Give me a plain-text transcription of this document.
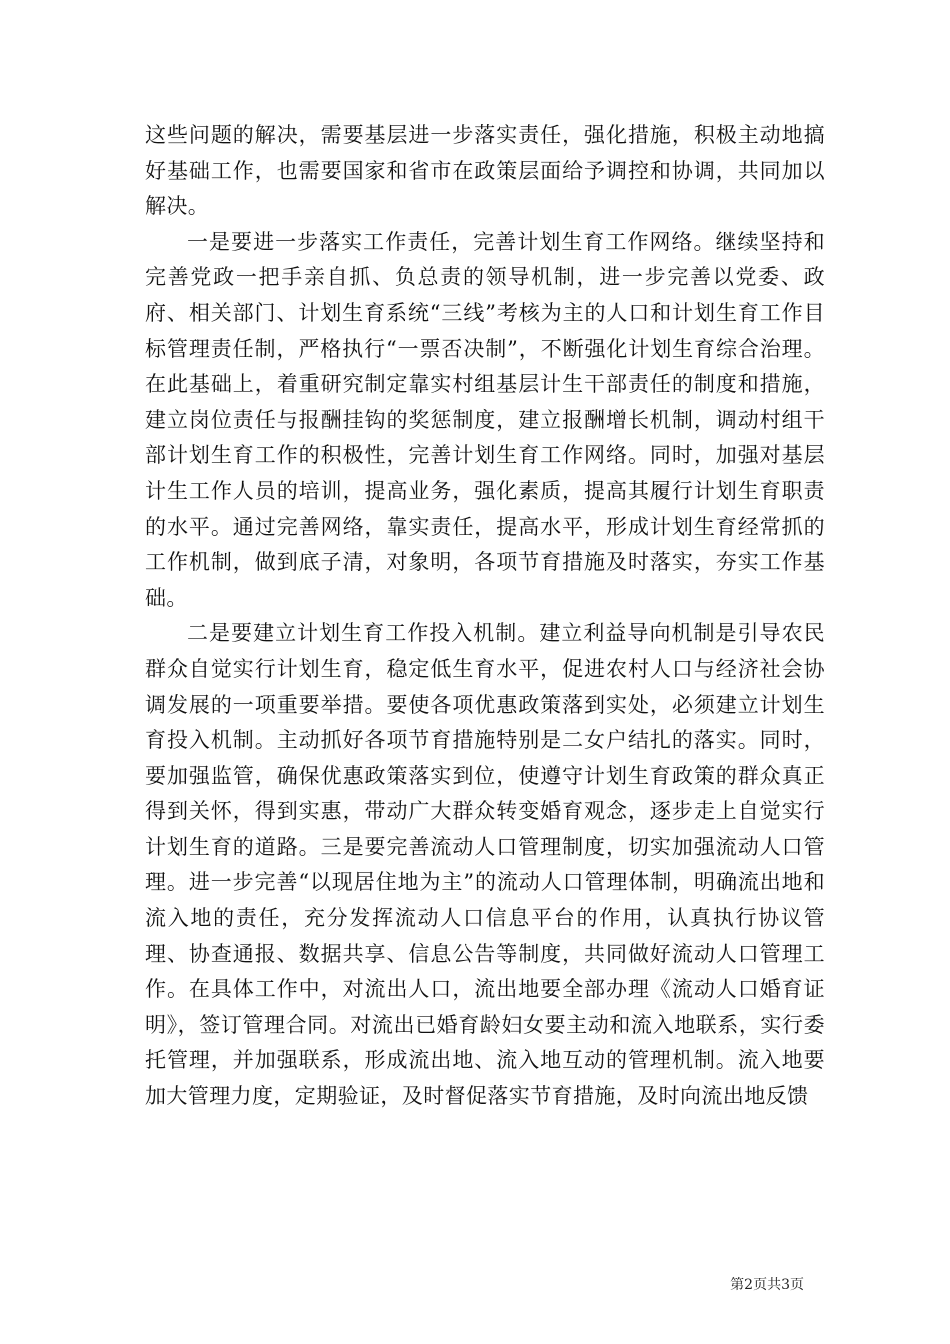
这些问题的解决，需要基层进一步落实责任，强化措施，积极主动地搞好基础工作，也需要国家和省市在政策层面给予调控和协调，共同加以解决。

一是要进一步落实工作责任，完善计划生育工作网络。继续坚持和完善党政一把手亲自抓、负总责的领导机制，进一步完善以党委、政府、相关部门、计划生育系统“三线”考核为主的人口和计划生育工作目标管理责任制，严格执行“一票否决制”，不断强化计划生育综合治理。在此基础上，着重研究制定靠实村组基层计生干部责任的制度和措施，建立岗位责任与报酬挂钩的奖惩制度，建立报酬增长机制，调动村组干部计划生育工作的积极性，完善计划生育工作网络。同时，加强对基层计生工作人员的培训，提高业务，强化素质，提高其履行计划生育职责的水平。通过完善网络，靠实责任，提高水平，形成计划生育经常抓的工作机制，做到底子清，对象明，各项节育措施及时落实，夯实工作基础。

二是要建立计划生育工作投入机制。建立利益导向机制是引导农民群众自觉实行计划生育，稳定低生育水平，促进农村人口与经济社会协调发展的一项重要举措。要使各项优惠政策落到实处，必须建立计划生育投入机制。主动抓好各项节育措施特别是二女户结扎的落实。同时，要加强监管，确保优惠政策落实到位，使遵守计划生育政策的群众真正得到关怀，得到实惠，带动广大群众转变婚育观念，逐步走上自觉实行计划生育的道路。三是要完善流动人口管理制度，切实加强流动人口管理。进一步完善“以现居住地为主”的流动人口管理体制，明确流出地和流入地的责任，充分发挥流动人口信息平台的作用，认真执行协议管理、协查通报、数据共享、信息公告等制度，共同做好流动人口管理工作。在具体工作中，对流出人口，流出地要全部办理《流动人口婚育证明》，签订管理合同。对流出已婚育龄妇女要主动和流入地联系，实行委托管理，并加强联系，形成流出地、流入地互动的管理机制。流入地要加大管理力度，定期验证，及时督促落实节育措施，及时向流出地反馈

第2页共3页
